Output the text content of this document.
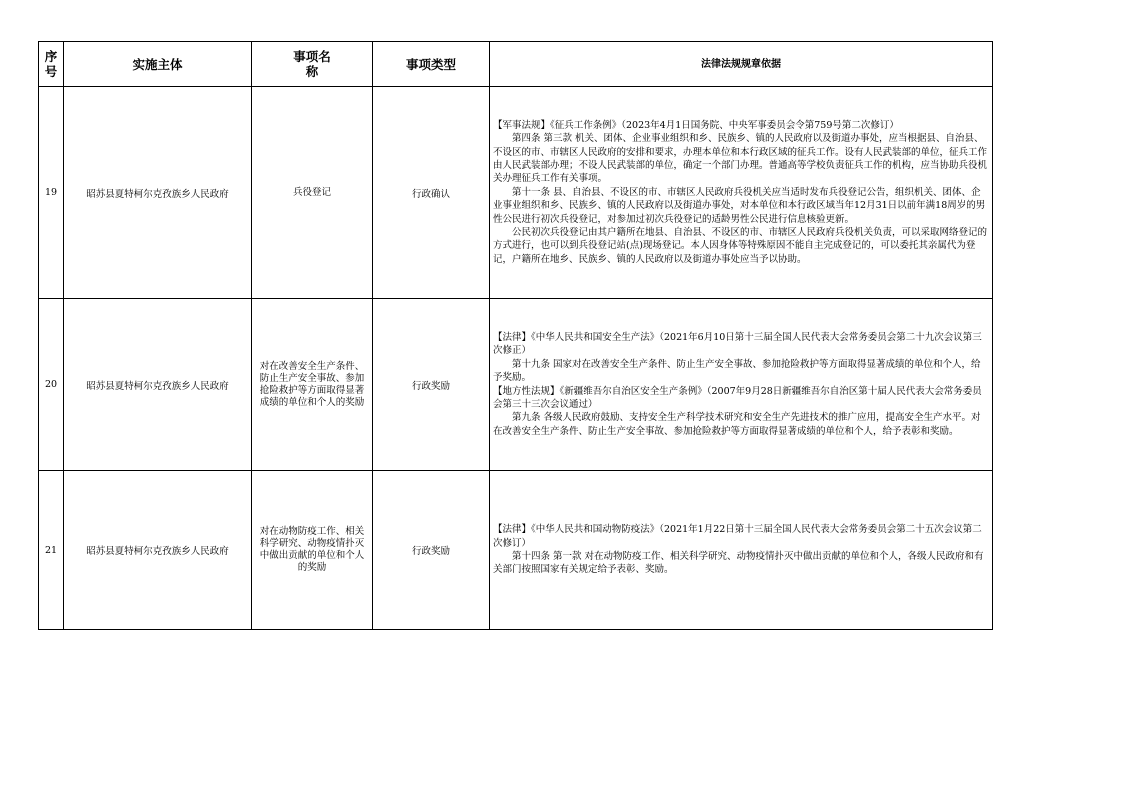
序号	实施主体	事项名称	事项类型	法律法规规章依据
19	昭苏县夏特柯尔克孜族乡人民政府	兵役登记	行政确认	【军事法规】《征兵工作条例》（2023年4月1日国务院、中央军事委员会令第759号第二次修订）

第四条 第三款 机关、团体、企业事业组织和乡、民族乡、镇的人民政府以及街道办事处，应当根据县、自治县、不设区的市、市辖区人民政府的安排和要求，办理本单位和本行政区域的征兵工作。设有人民武装部的单位，征兵工作由人民武装部办理；不设人民武装部的单位，确定一个部门办理。普通高等学校负责征兵工作的机构，应当协助兵役机关办理征兵工作有关事项。

第十一条 县、自治县、不设区的市、市辖区人民政府兵役机关应当适时发布兵役登记公告，组织机关、团体、企业事业组织和乡、民族乡、镇的人民政府以及街道办事处，对本单位和本行政区域当年12月31日以前年满18周岁的男性公民进行初次兵役登记，对参加过初次兵役登记的适龄男性公民进行信息核验更新。

公民初次兵役登记由其户籍所在地县、自治县、不设区的市、市辖区人民政府兵役机关负责，可以采取网络登记的方式进行，也可以到兵役登记站(点)现场登记。本人因身体等特殊原因不能自主完成登记的，可以委托其亲属代为登记，户籍所在地乡、民族乡、镇的人民政府以及街道办事处应当予以协助。

20	昭苏县夏特柯尔克孜族乡人民政府	对在改善安全生产条件、防止生产安全事故、参加抢险救护等方面取得显著成绩的单位和个人的奖励	行政奖励	【法律】《中华人民共和国安全生产法》（2021年6月10日第十三届全国人民代表大会常务委员会第二十九次会议第三次修正）

第十九条 国家对在改善安全生产条件、防止生产安全事故、参加抢险救护等方面取得显著成绩的单位和个人，给予奖励。

【地方性法规】《新疆维吾尔自治区安全生产条例》（2007年9月28日新疆维吾尔自治区第十届人民代表大会常务委员会第三十三次会议通过）

第九条 各级人民政府鼓励、支持安全生产科学技术研究和安全生产先进技术的推广应用，提高安全生产水平。对在改善安全生产条件、防止生产安全事故、参加抢险救护等方面取得显著成绩的单位和个人，给予表彰和奖励。

21	昭苏县夏特柯尔克孜族乡人民政府	对在动物防疫工作、相关科学研究、动物疫情扑灭中做出贡献的单位和个人的奖励	行政奖励	【法律】《中华人民共和国动物防疫法》（2021年1月22日第十三届全国人民代表大会常务委员会第二十五次会议第二次修订）

第十四条 第一款 对在动物防疫工作、相关科学研究、动物疫情扑灭中做出贡献的单位和个人，各级人民政府和有关部门按照国家有关规定给予表彰、奖励。
